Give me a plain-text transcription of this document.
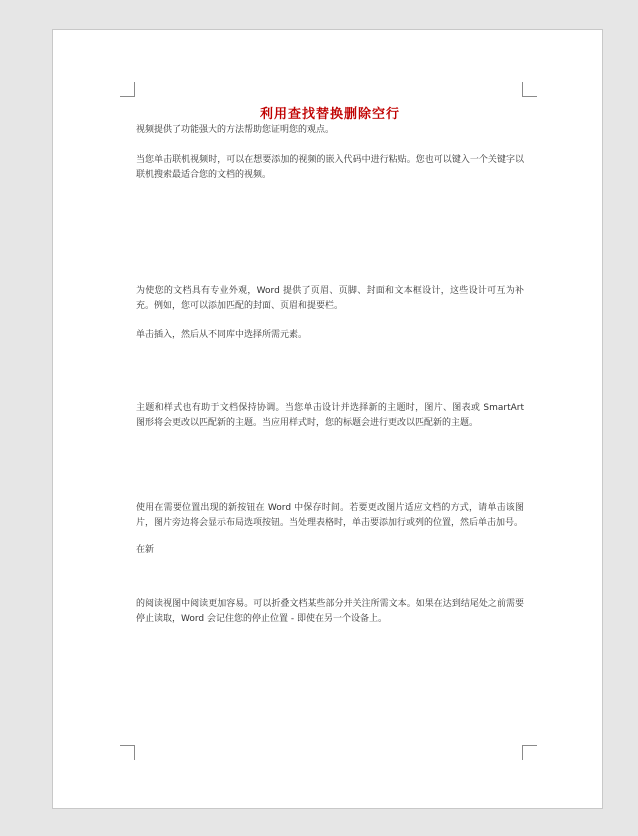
利用查找替换删除空行

视频提供了功能强大的方法帮助您证明您的观点。

当您单击联机视频时，可以在想要添加的视频的嵌入代码中进行粘贴。您也可以键入一个关键字以联机搜索最适合您的文档的视频。

为使您的文档具有专业外观，Word 提供了页眉、页脚、封面和文本框设计，这些设计可互为补充。例如，您可以添加匹配的封面、页眉和提要栏。

单击插入，然后从不同库中选择所需元素。

主题和样式也有助于文档保持协调。当您单击设计并选择新的主题时，图片、图表或 SmartArt 图形将会更改以匹配新的主题。当应用样式时，您的标题会进行更改以匹配新的主题。

使用在需要位置出现的新按钮在 Word 中保存时间。若要更改图片适应文档的方式，请单击该图片，图片旁边将会显示布局选项按钮。当处理表格时，单击要添加行或列的位置，然后单击加号。

在新

的阅读视图中阅读更加容易。可以折叠文档某些部分并关注所需文本。如果在达到结尾处之前需要停止读取，Word 会记住您的停止位置 - 即使在另一个设备上。
